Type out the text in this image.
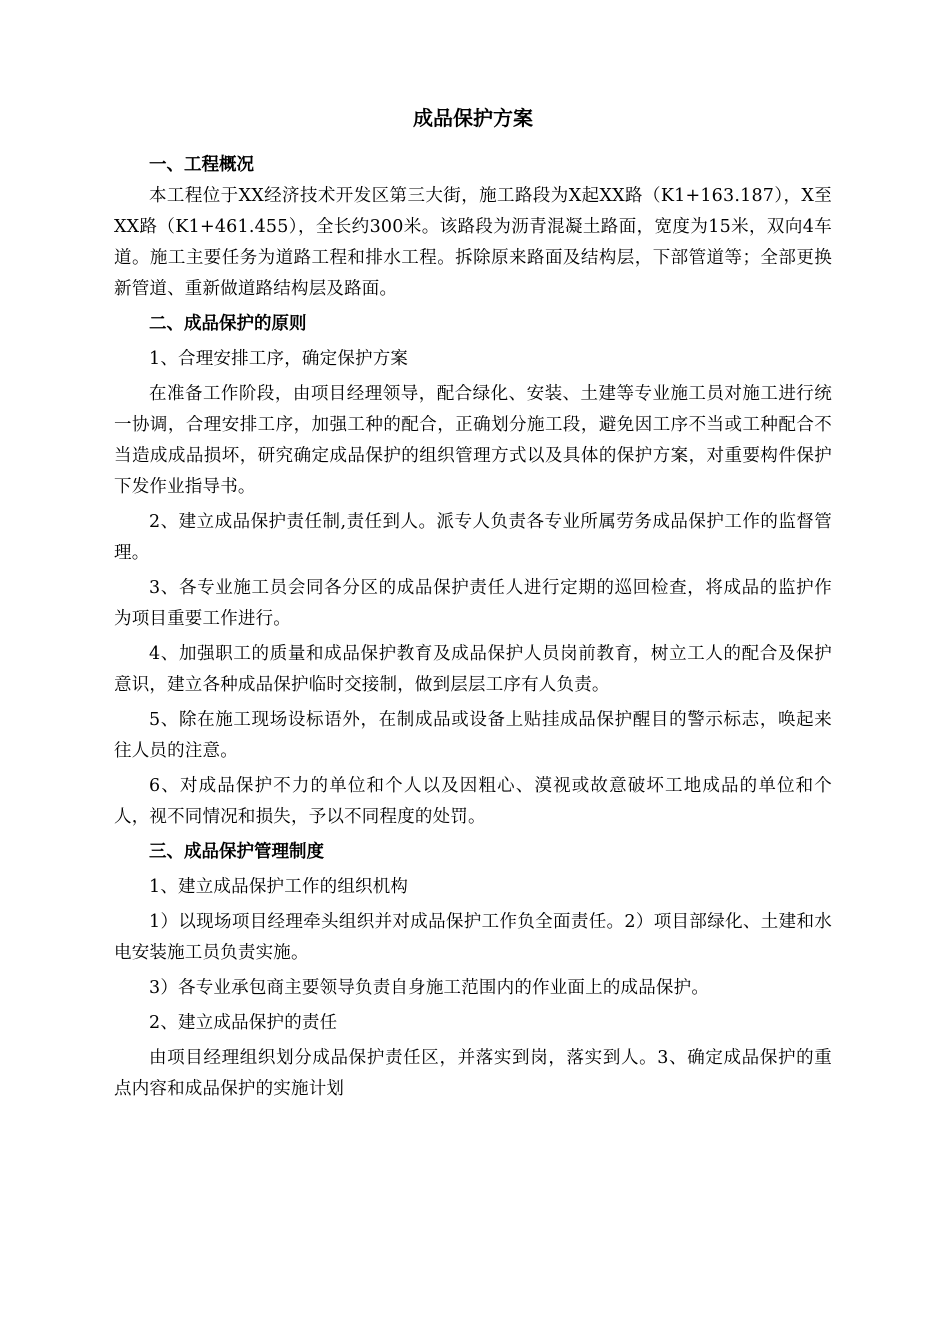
成品保护方案
一、工程概况

本工程位于XX经济技术开发区第三大街，施工路段为X起XX路（K1+163.187），X至XX路（K1+461.455），全长约300米。该路段为沥青混凝土路面，宽度为15米，双向4车道。施工主要任务为道路工程和排水工程。拆除原来路面及结构层，下部管道等；全部更换新管道、重新做道路结构层及路面。

二、成品保护的原则

1、合理安排工序，确定保护方案

在准备工作阶段，由项目经理领导，配合绿化、安装、土建等专业施工员对施工进行统一协调，合理安排工序，加强工种的配合，正确划分施工段，避免因工序不当或工种配合不当造成成品损坏，研究确定成品保护的组织管理方式以及具体的保护方案，对重要构件保护下发作业指导书。

2、建立成品保护责任制,责任到人。派专人负责各专业所属劳务成品保护工作的监督管理。

3、各专业施工员会同各分区的成品保护责任人进行定期的巡回检查，将成品的监护作为项目重要工作进行。

4、加强职工的质量和成品保护教育及成品保护人员岗前教育，树立工人的配合及保护意识，建立各种成品保护临时交接制，做到层层工序有人负责。

5、除在施工现场设标语外，在制成品或设备上贴挂成品保护醒目的警示标志，唤起来往人员的注意。

6、对成品保护不力的单位和个人以及因粗心、漠视或故意破坏工地成品的单位和个人，视不同情况和损失，予以不同程度的处罚。

三、成品保护管理制度

1、建立成品保护工作的组织机构

1）以现场项目经理牵头组织并对成品保护工作负全面责任。2）项目部绿化、土建和水电安装施工员负责实施。

3）各专业承包商主要领导负责自身施工范围内的作业面上的成品保护。

2、建立成品保护的责任

由项目经理组织划分成品保护责任区，并落实到岗，落实到人。3、确定成品保护的重点内容和成品保护的实施计划
